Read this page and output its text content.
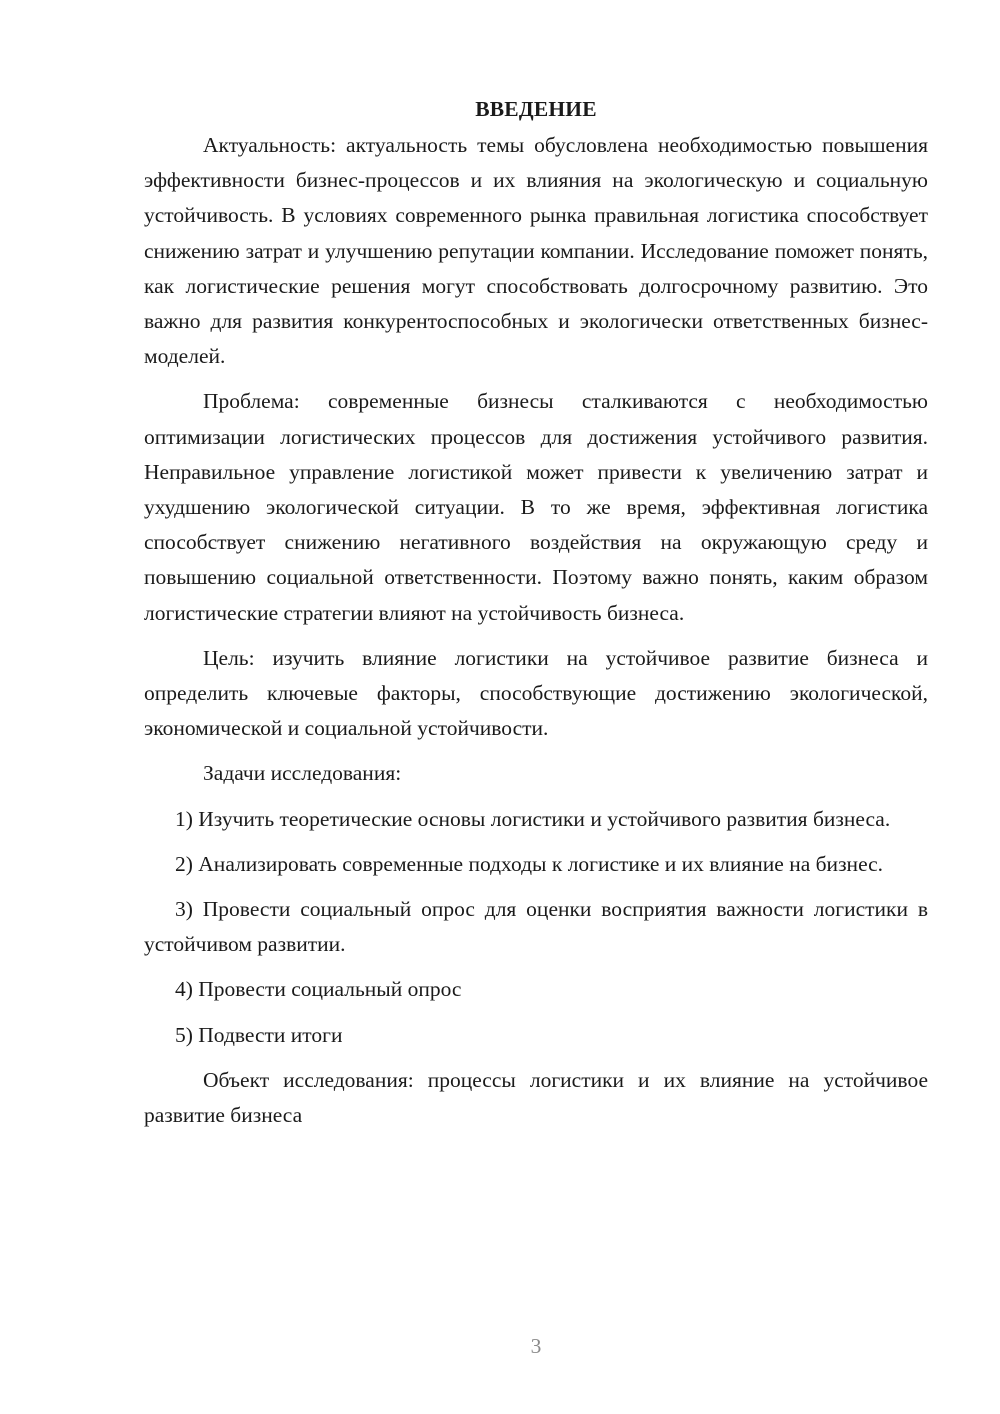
ВВЕДЕНИЕ

Актуальность: актуальность темы обусловлена необходимостью повышения эффективности бизнес-процессов и их влияния на экологическую и социальную устойчивость. В условиях современного рынка правильная логистика способствует снижению затрат и улучшению репутации компании. Исследование поможет понять, как логистические решения могут способствовать долгосрочному развитию. Это важно для развития конкурентоспособных и экологически ответственных бизнес-моделей.

Проблема: современные бизнесы сталкиваются с необходимостью оптимизации логистических процессов для достижения устойчивого развития. Неправильное управление логистикой может привести к увеличению затрат и ухудшению экологической ситуации. В то же время, эффективная логистика способствует снижению негативного воздействия на окружающую среду и повышению социальной ответственности. Поэтому важно понять, каким образом логистические стратегии влияют на устойчивость бизнеса.

Цель: изучить влияние логистики на устойчивое развитие бизнеса и определить ключевые факторы, способствующие достижению экологической, экономической и социальной устойчивости.

Задачи исследования:

1) Изучить теоретические основы логистики и устойчивого развития бизнеса.

2) Анализировать современные подходы к логистике и их влияние на бизнес.

3) Провести социальный опрос для оценки восприятия важности логистики в устойчивом развитии.

4) Провести социальный опрос

5) Подвести итоги

Объект исследования: процессы логистики и их влияние на устойчивое развитие бизнеса

3
